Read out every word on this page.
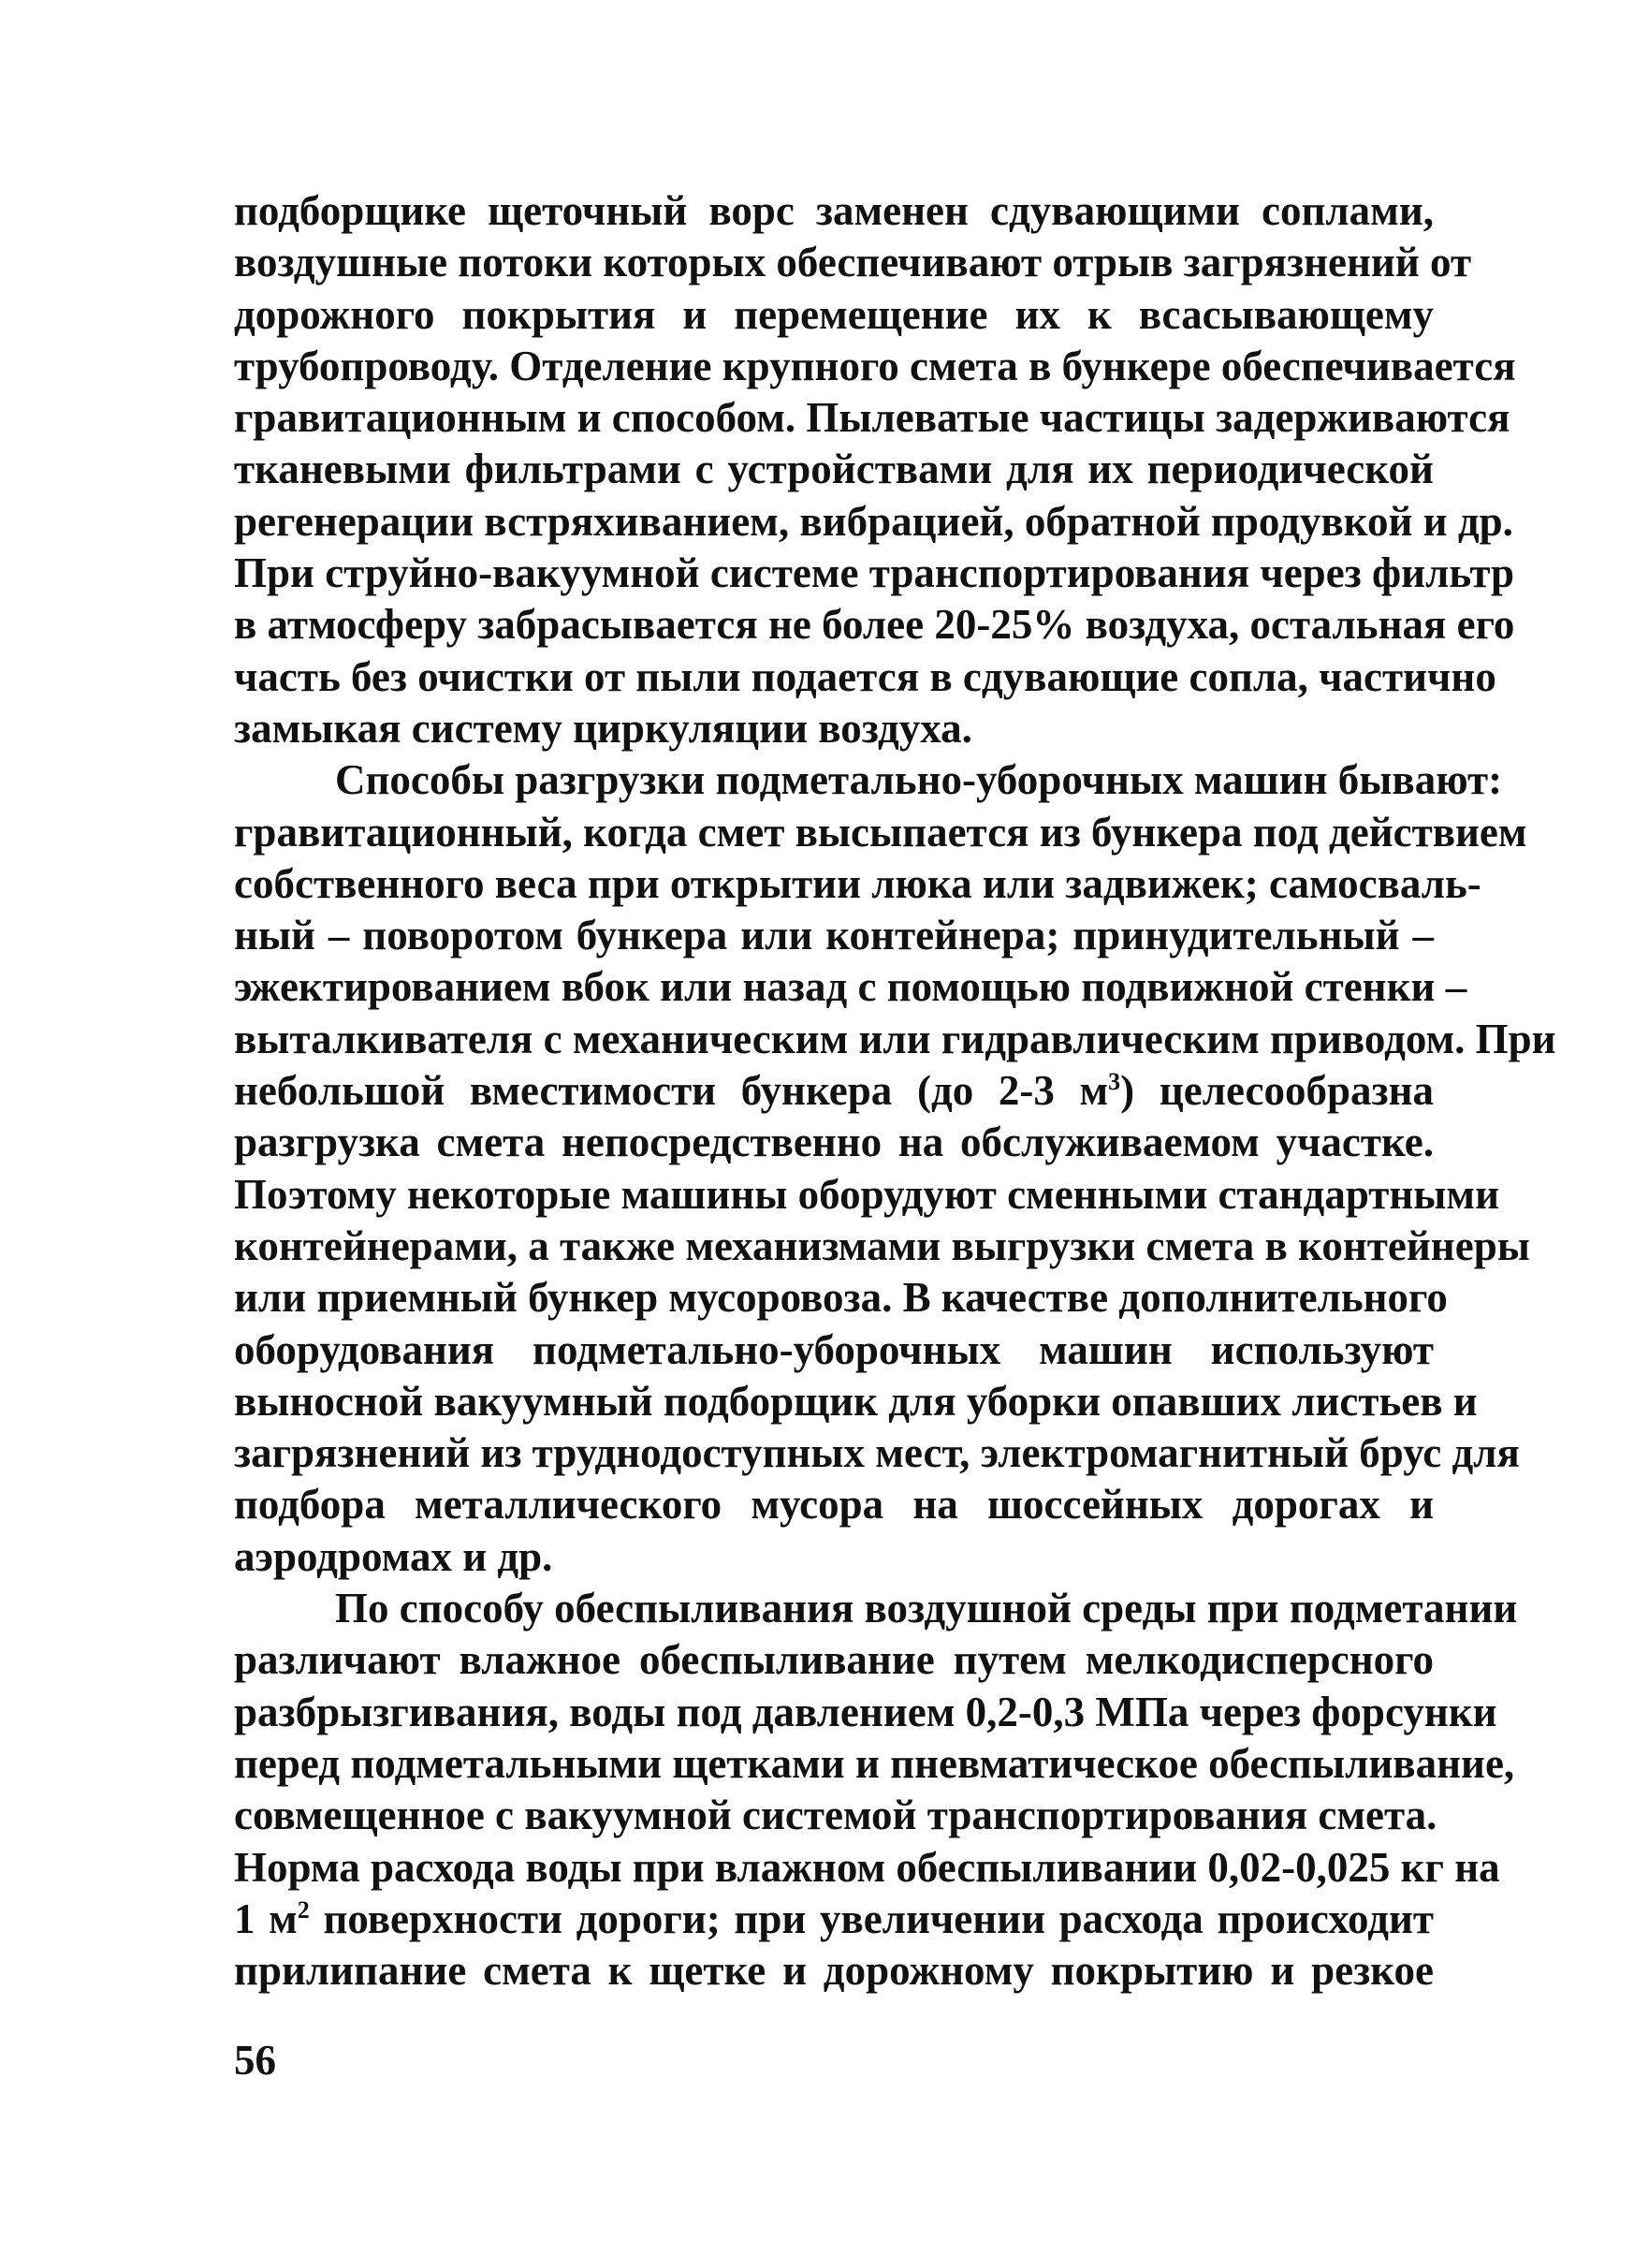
подборщике щеточный ворс заменен сдувающими соплами,
воздушные потоки которых обеспечивают отрыв загрязнений от
дорожного покрытия и перемещение их к всасывающему
трубопроводу. Отделение крупного смета в бункере обеспечивается
гравитационным и способом. Пылеватые частицы задерживаются
тканевыми фильтрами с устройствами для их периодической
регенерации встряхиванием, вибрацией, обратной продувкой и др.
При струйно-вакуумной системе транспортирования через фильтр
в атмосферу забрасывается не более 20-25% воздуха, остальная его
часть без очистки от пыли подается в сдувающие сопла, частично
замыкая систему циркуляции воздуха.
Способы разгрузки подметально-уборочных машин бывают:
гравитационный, когда смет высыпается из бункера под действием
собственного веса при открытии люка или задвижек; самосваль-
ный – поворотом бункера или контейнера; принудительный –
эжектированием вбок или назад с помощью подвижной стенки –
выталкивателя с механическим или гидравлическим приводом. При
небольшой вместимости бункера (до 2-3 $м^3$) целесообразна
разгрузка смета непосредственно на обслуживаемом участке.
Поэтому некоторые машины оборудуют сменными стандартными
контейнерами, а также механизмами выгрузки смета в контейнеры
или приемный бункер мусоровоза. В качестве дополнительного
оборудования подметально-уборочных машин используют
выносной вакуумный подборщик для уборки опавших листьев и
загрязнений из труднодоступных мест, электромагнитный брус для
подбора металлического мусора на шоссейных дорогах и
аэродромах и др.
По способу обеспыливания воздушной среды при подметании
различают влажное обеспыливание путем мелкодисперсного
разбрызгивания, воды под давлением 0,2-0,3 МПа через форсунки
перед подметальными щетками и пневматическое обеспыливание,
совмещенное с вакуумной системой транспортирования смета.
Норма расхода воды при влажном обеспыливании 0,02-0,025 кг на
1 $м^2$ поверхности дороги; при увеличении расхода происходит
прилипание смета к щетке и дорожному покрытию и резкое
56
